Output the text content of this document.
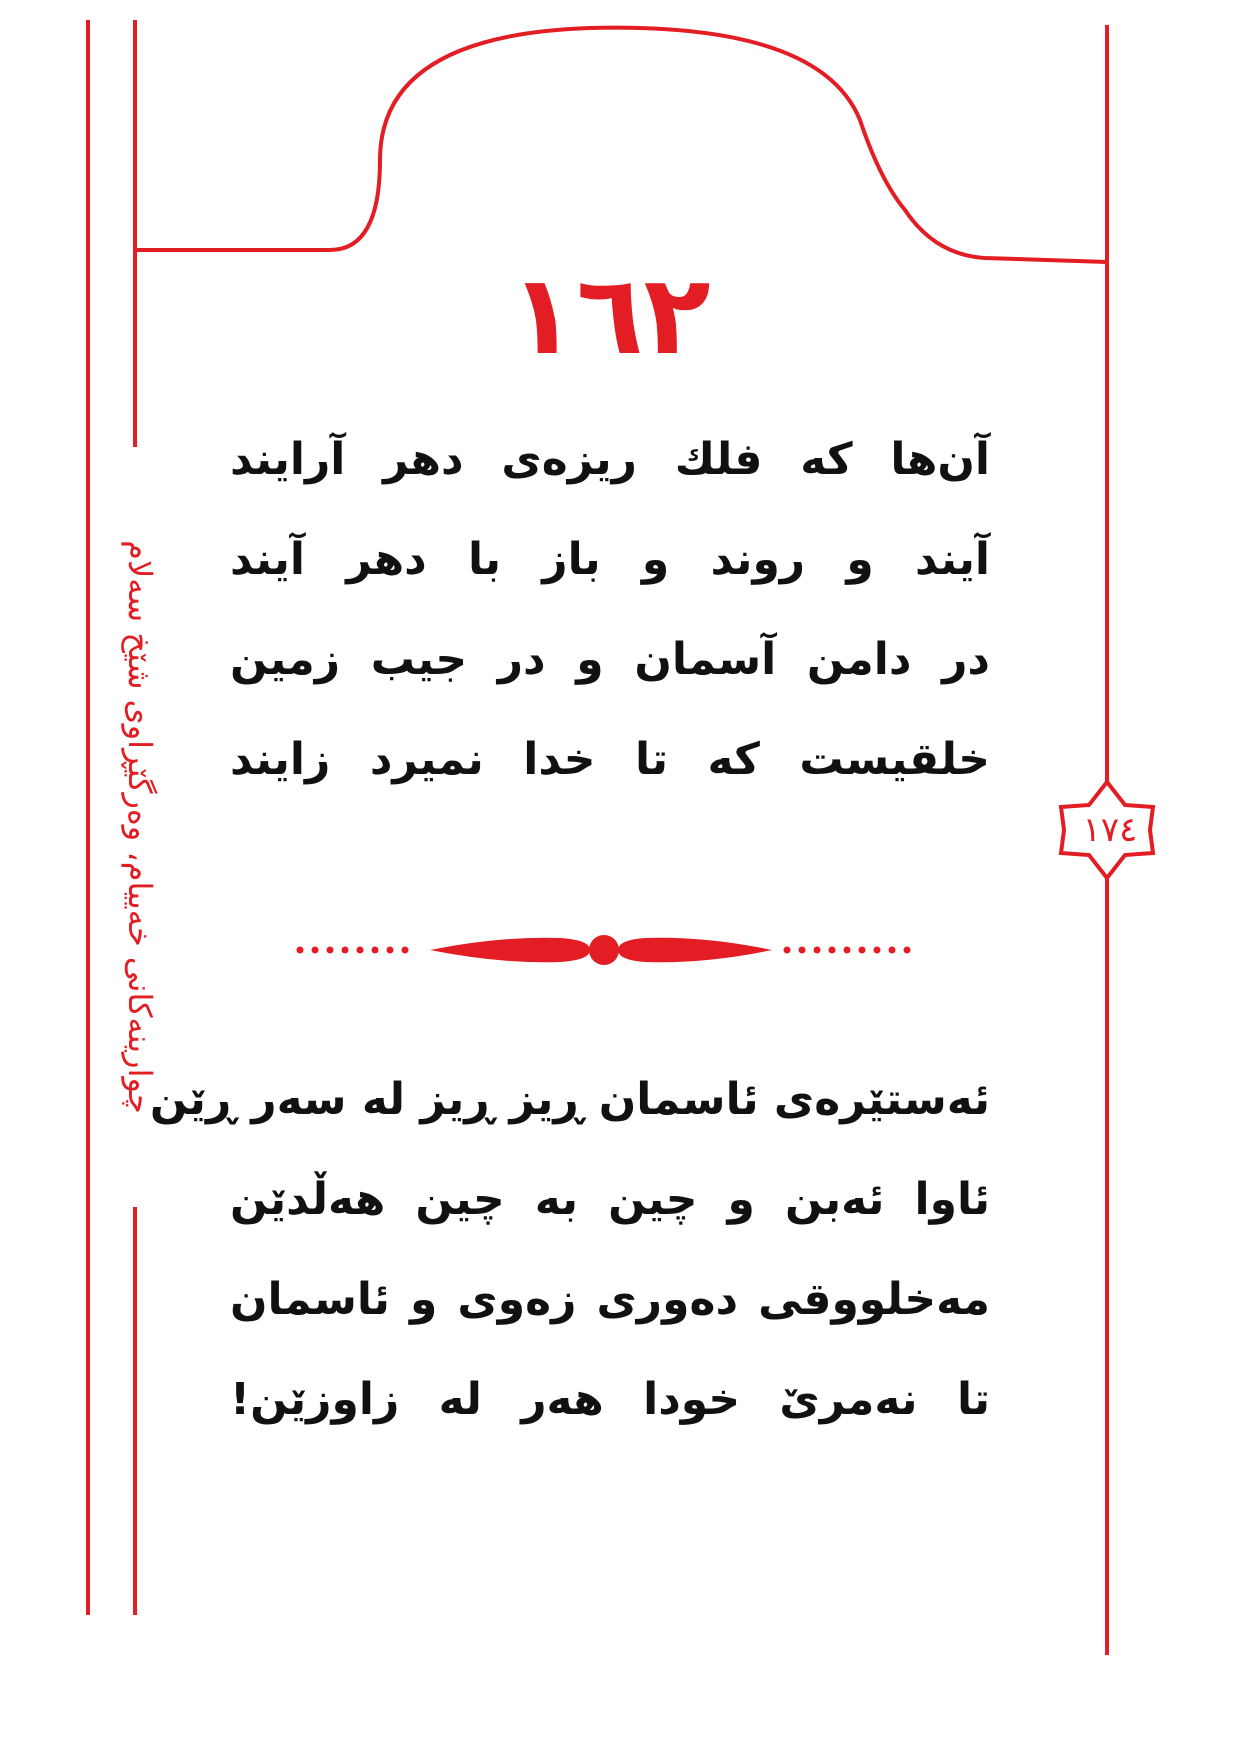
چوارینەکانی خەییام، وەرگێڕاوی شێخ سەلام
١٦٢
١٧٤
آن‌ها که فلك ریزه‌ی دهر آرایند
آیند و روند و باز با دهر آیند
در دامن آسمان و در جیب زمین
خلقیست که تا خدا نمیرد زایند
ئەستێرەی ئاسمان ڕیز ڕیز لە سەر ڕێن
ئاوا ئەبن و چین بە چین هەڵدێن
مەخلووقی دەوری زەوی و ئاسمان
تا نەمرێ خودا هەر لە زاوزێن!
